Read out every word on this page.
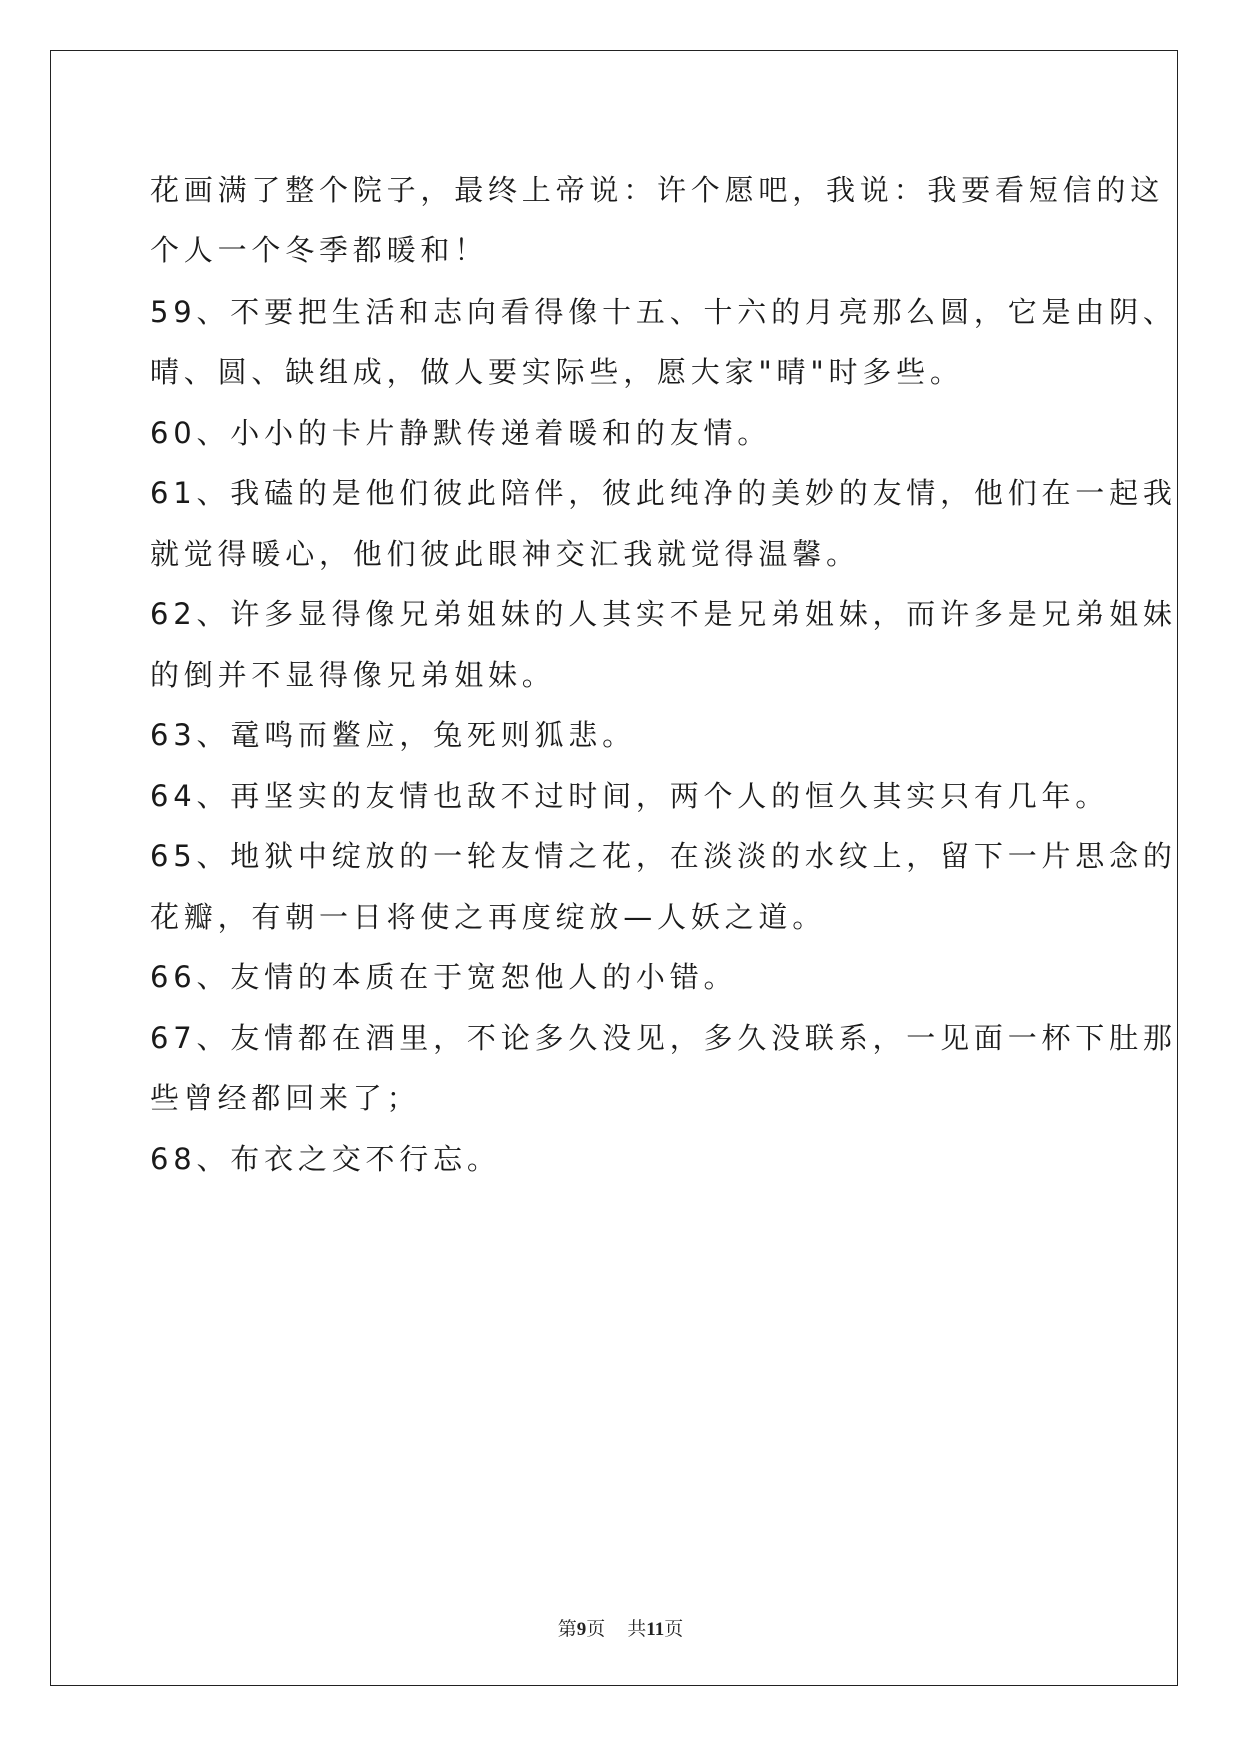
花画满了整个院子，最终上帝说：许个愿吧，我说：我要看短信的这

个人一个冬季都暖和！

59、不要把生活和志向看得像十五、十六的月亮那么圆，它是由阴、

晴、圆、缺组成，做人要实际些，愿大家"晴"时多些。

60、小小的卡片静默传递着暖和的友情。

61、我磕的是他们彼此陪伴，彼此纯净的美妙的友情，他们在一起我

就觉得暖心，他们彼此眼神交汇我就觉得温馨。

62、许多显得像兄弟姐妹的人其实不是兄弟姐妹，而许多是兄弟姐妹

的倒并不显得像兄弟姐妹。

63、鼋鸣而鳖应，兔死则狐悲。

64、再坚实的友情也敌不过时间，两个人的恒久其实只有几年。

65、地狱中绽放的一轮友情之花，在淡淡的水纹上，留下一片思念的

花瓣，有朝一日将使之再度绽放—人妖之道。

66、友情的本质在于宽恕他人的小错。

67、友情都在酒里，不论多久没见，多久没联系，一见面一杯下肚那

些曾经都回来了；

68、布衣之交不行忘。

第9页 共11页
